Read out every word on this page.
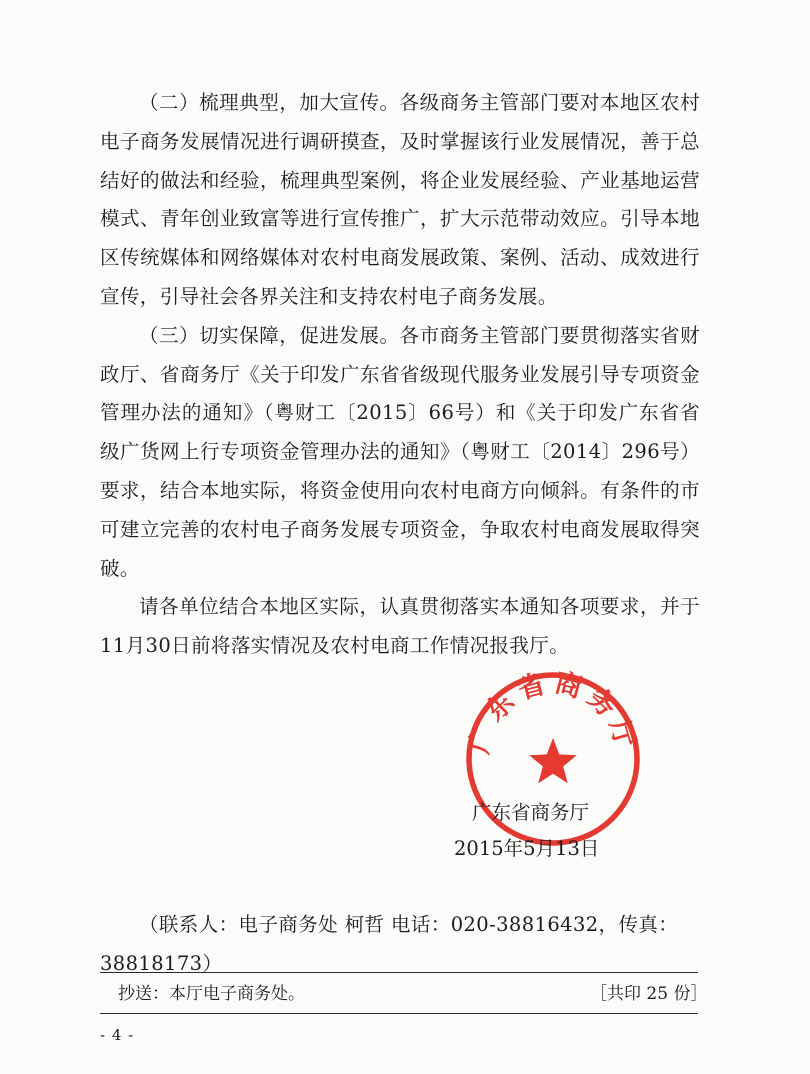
（二）梳理典型，加大宣传。各级商务主管部门要对本地区农村电子商务发展情况进行调研摸查，及时掌握该行业发展情况，善于总结好的做法和经验，梳理典型案例，将企业发展经验、产业基地运营模式、青年创业致富等进行宣传推广，扩大示范带动效应。引导本地区传统媒体和网络媒体对农村电商发展政策、案例、活动、成效进行宣传，引导社会各界关注和支持农村电子商务发展。

（三）切实保障，促进发展。各市商务主管部门要贯彻落实省财政厅、省商务厅《关于印发广东省省级现代服务业发展引导专项资金管理办法的通知》（粤财工〔2015〕66号）和《关于印发广东省省级广货网上行专项资金管理办法的通知》（粤财工〔2014〕296号）要求，结合本地实际，将资金使用向农村电商方向倾斜。有条件的市可建立完善的农村电子商务发展专项资金，争取农村电商发展取得突破。

请各单位结合本地区实际，认真贯彻落实本通知各项要求，并于11月30日前将落实情况及农村电商工作情况报我厅。

广东省商务厅
广东省商务厅
2015年5月13日
（联系人：电子商务处 柯哲 电话：020-38816432，传真：38818173）
抄送：本厅电子商务处。	［共印 25 份］
- 4 -
